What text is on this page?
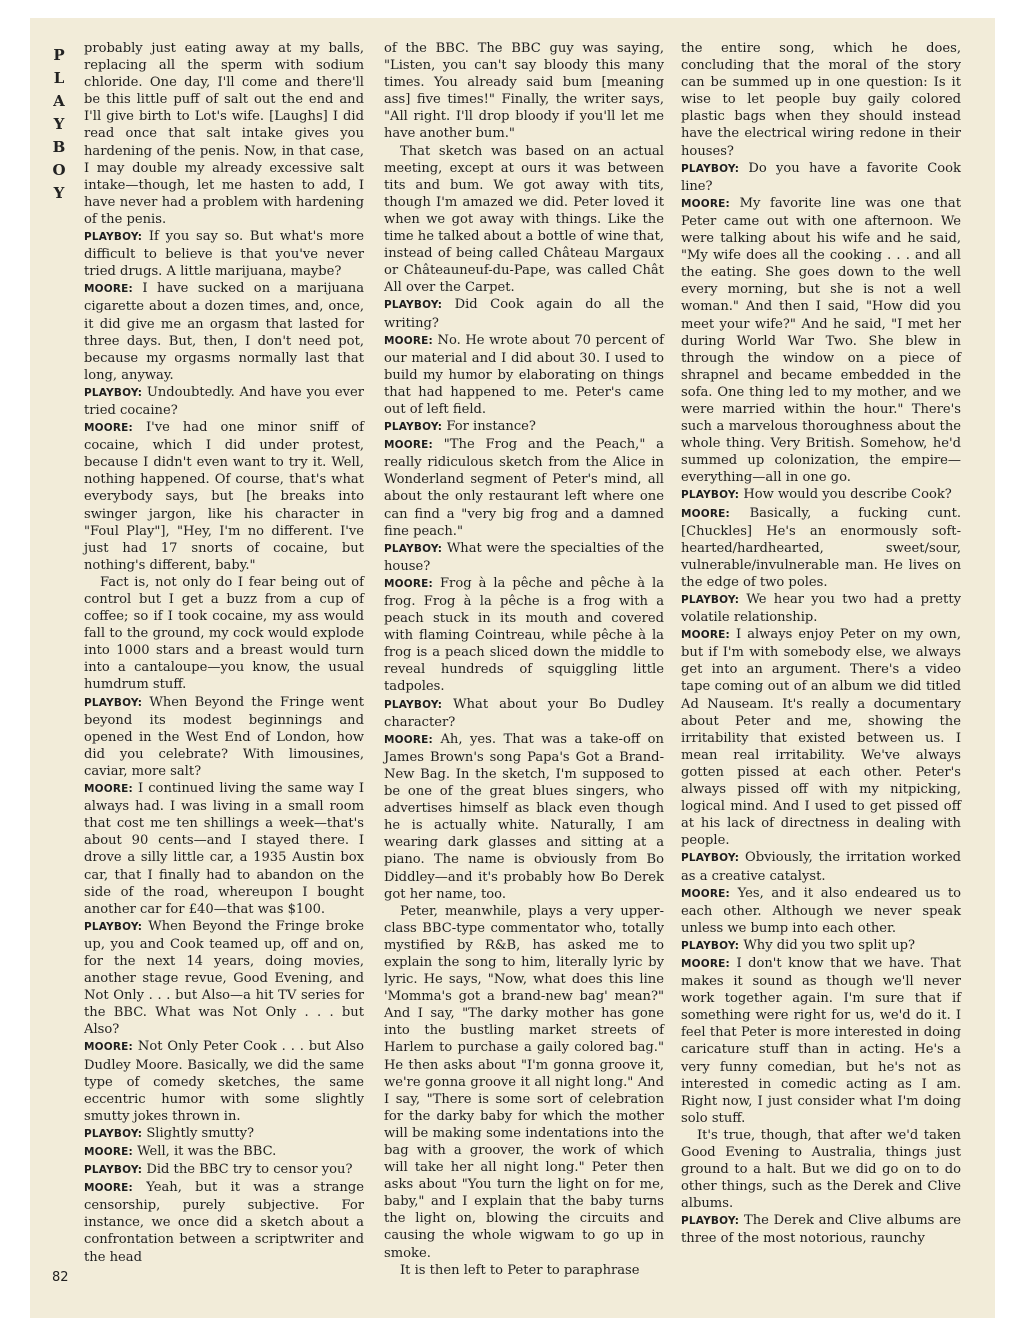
P
L
A
Y
B
O
Y

probably just eating away at my balls, replacing all the sperm with sodium chloride. One day, I'll come and there'll be this little puff of salt out the end and I'll give birth to Lot's wife. [Laughs] I did read once that salt intake gives you hardening of the penis. Now, in that case, I may double my already excessive salt intake—though, let me hasten to add, I have never had a problem with hardening of the penis.

PLAYBOY: If you say so. But what's more difficult to believe is that you've never tried drugs. A little marijuana, maybe?

MOORE: I have sucked on a marijuana cigarette about a dozen times, and, once, it did give me an orgasm that lasted for three days. But, then, I don't need pot, because my orgasms normally last that long, anyway.

PLAYBOY: Undoubtedly. And have you ever tried cocaine?

MOORE: I've had one minor sniff of cocaine, which I did under protest, because I didn't even want to try it. Well, nothing happened. Of course, that's what everybody says, but [he breaks into swinger jargon, like his character in "Foul Play"], "Hey, I'm no different. I've just had 17 snorts of cocaine, but nothing's different, baby."

Fact is, not only do I fear being out of control but I get a buzz from a cup of coffee; so if I took cocaine, my ass would fall to the ground, my cock would explode into 1000 stars and a breast would turn into a cantaloupe—you know, the usual humdrum stuff.

PLAYBOY: When Beyond the Fringe went beyond its modest beginnings and opened in the West End of London, how did you celebrate? With limousines, caviar, more salt?

MOORE: I continued living the same way I always had. I was living in a small room that cost me ten shillings a week—that's about 90 cents—and I stayed there. I drove a silly little car, a 1935 Austin box car, that I finally had to abandon on the side of the road, whereupon I bought another car for £40—that was $100.

PLAYBOY: When Beyond the Fringe broke up, you and Cook teamed up, off and on, for the next 14 years, doing movies, another stage revue, Good Evening, and Not Only . . . but Also—a hit TV series for the BBC. What was Not Only . . . but Also?

MOORE: Not Only Peter Cook . . . but Also Dudley Moore. Basically, we did the same type of comedy sketches, the same eccentric humor with some slightly smutty jokes thrown in.

PLAYBOY: Slightly smutty?

MOORE: Well, it was the BBC.

PLAYBOY: Did the BBC try to censor you?

MOORE: Yeah, but it was a strange censorship, purely subjective. For instance, we once did a sketch about a confrontation between a scriptwriter and the head

of the BBC. The BBC guy was saying, "Listen, you can't say bloody this many times. You already said bum [meaning ass] five times!" Finally, the writer says, "All right. I'll drop bloody if you'll let me have another bum."

That sketch was based on an actual meeting, except at ours it was between tits and bum. We got away with tits, though I'm amazed we did. Peter loved it when we got away with things. Like the time he talked about a bottle of wine that, instead of being called Château Margaux or Châteauneuf-du-Pape, was called Chât All over the Carpet.

PLAYBOY: Did Cook again do all the writing?

MOORE: No. He wrote about 70 percent of our material and I did about 30. I used to build my humor by elaborating on things that had happened to me. Peter's came out of left field.

PLAYBOY: For instance?

MOORE: "The Frog and the Peach," a really ridiculous sketch from the Alice in Wonderland segment of Peter's mind, all about the only restaurant left where one can find a "very big frog and a damned fine peach."

PLAYBOY: What were the specialties of the house?

MOORE: Frog à la pêche and pêche à la frog. Frog à la pêche is a frog with a peach stuck in its mouth and covered with flaming Cointreau, while pêche à la frog is a peach sliced down the middle to reveal hundreds of squiggling little tadpoles.

PLAYBOY: What about your Bo Dudley character?

MOORE: Ah, yes. That was a take-off on James Brown's song Papa's Got a Brand-New Bag. In the sketch, I'm supposed to be one of the great blues singers, who advertises himself as black even though he is actually white. Naturally, I am wearing dark glasses and sitting at a piano. The name is obviously from Bo Diddley—and it's probably how Bo Derek got her name, too.

Peter, meanwhile, plays a very upper-class BBC-type commentator who, totally mystified by R&B, has asked me to explain the song to him, literally lyric by lyric. He says, "Now, what does this line 'Momma's got a brand-new bag' mean?" And I say, "The darky mother has gone into the bustling market streets of Harlem to purchase a gaily colored bag." He then asks about "I'm gonna groove it, we're gonna groove it all night long." And I say, "There is some sort of celebration for the darky baby for which the mother will be making some indentations into the bag with a groover, the work of which will take her all night long." Peter then asks about "You turn the light on for me, baby," and I explain that the baby turns the light on, blowing the circuits and causing the whole wigwam to go up in smoke.

It is then left to Peter to paraphrase

the entire song, which he does, concluding that the moral of the story can be summed up in one question: Is it wise to let people buy gaily colored plastic bags when they should instead have the electrical wiring redone in their houses?

PLAYBOY: Do you have a favorite Cook line?

MOORE: My favorite line was one that Peter came out with one afternoon. We were talking about his wife and he said, "My wife does all the cooking . . . and all the eating. She goes down to the well every morning, but she is not a well woman." And then I said, "How did you meet your wife?" And he said, "I met her during World War Two. She blew in through the window on a piece of shrapnel and became embedded in the sofa. One thing led to my mother, and we were married within the hour." There's such a marvelous thoroughness about the whole thing. Very British. Somehow, he'd summed up colonization, the empire—everything—all in one go.

PLAYBOY: How would you describe Cook?

MOORE: Basically, a fucking cunt. [Chuckles] He's an enormously soft-hearted/hardhearted, sweet/sour, vulnerable/invulnerable man. He lives on the edge of two poles.

PLAYBOY: We hear you two had a pretty volatile relationship.

MOORE: I always enjoy Peter on my own, but if I'm with somebody else, we always get into an argument. There's a video tape coming out of an album we did titled Ad Nauseam. It's really a documentary about Peter and me, showing the irritability that existed between us. I mean real irritability. We've always gotten pissed at each other. Peter's always pissed off with my nitpicking, logical mind. And I used to get pissed off at his lack of directness in dealing with people.

PLAYBOY: Obviously, the irritation worked as a creative catalyst.

MOORE: Yes, and it also endeared us to each other. Although we never speak unless we bump into each other.

PLAYBOY: Why did you two split up?

MOORE: I don't know that we have. That makes it sound as though we'll never work together again. I'm sure that if something were right for us, we'd do it. I feel that Peter is more interested in doing caricature stuff than in acting. He's a very funny comedian, but he's not as interested in comedic acting as I am. Right now, I just consider what I'm doing solo stuff.

It's true, though, that after we'd taken Good Evening to Australia, things just ground to a halt. But we did go on to do other things, such as the Derek and Clive albums.

PLAYBOY: The Derek and Clive albums are three of the most notorious, raunchy

82
